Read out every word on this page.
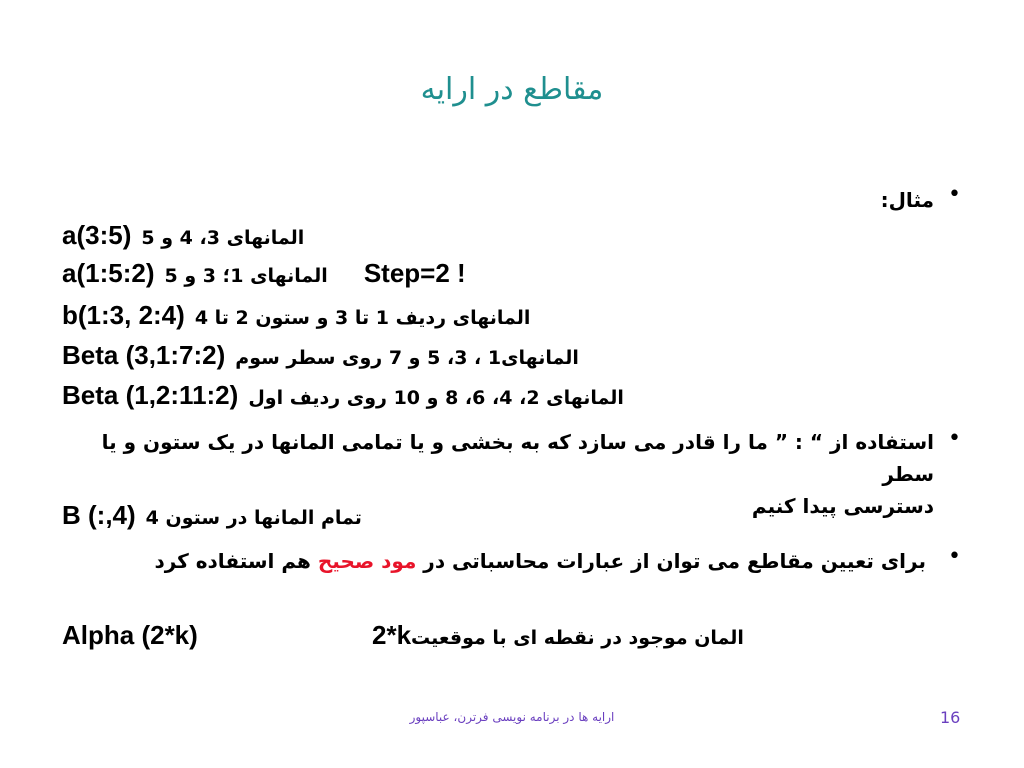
مقاطع در ارایه
•
مثال:
a(3:5) المانهای 3، 4 و 5
a(1:5:2) المانهای 1؛ 3 و 5 Step=2 !
b(1:3, 2:4) المانهای ردیف 1 تا 3 و ستون 2 تا 4
Beta (3,1:7:2) المانهای1 ، 3، 5 و 7 روی سطر سوم
Beta (1,2:11:2) المانهای 2، 4، 6، 8 و 10 روی ردیف اول
•
استفاده از “ : ” ما را قادر می سازد که به بخشی و یا تمامی المانها در یک ستون و یا سطر
دسترسی پیدا کنیم
B (:,4) تمام المانها در ستون 4
•
برای تعیین مقاطع می توان از عبارات محاسباتی در مود صحیح هم استفاده کرد
Alpha (2*k)	2*k المان موجود در نقطه ای با موقعیت
ارایه ها در برنامه نویسی فرترن، عباسپور	16
